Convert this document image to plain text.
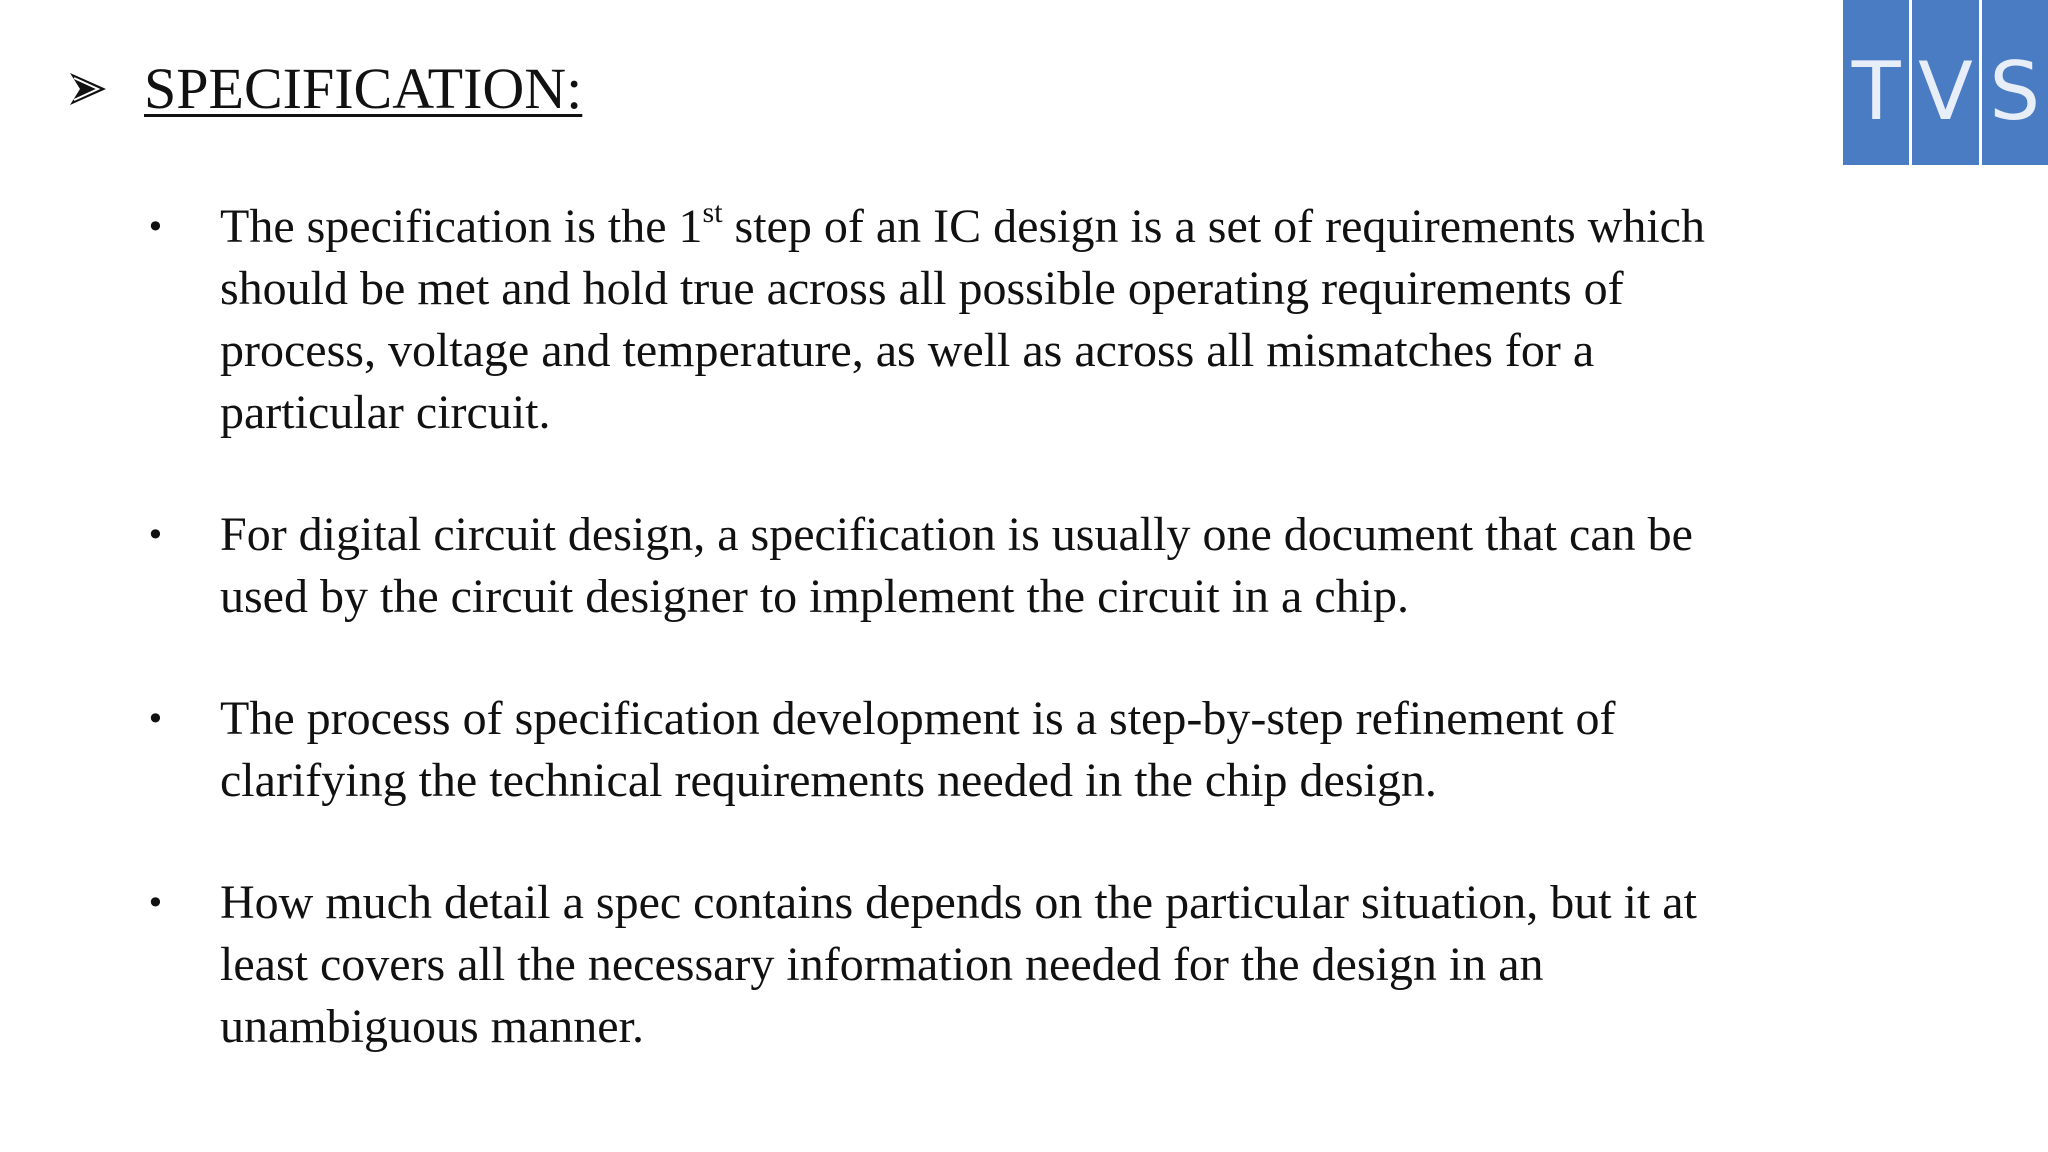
SPECIFICATION:	T V S
•	The specification is the 1st step of an IC design is a set of requirements which
should be met and hold true across all possible operating requirements of
process, voltage and temperature, as well as across all mismatches for a
particular circuit.
•	For digital circuit design, a specification is usually one document that can be
used by the circuit designer to implement the circuit in a chip.
•	The process of specification development is a step-by-step refinement of
clarifying the technical requirements needed in the chip design.
•	How much detail a spec contains depends on the particular situation, but it at
least covers all the necessary information needed for the design in an
unambiguous manner.
